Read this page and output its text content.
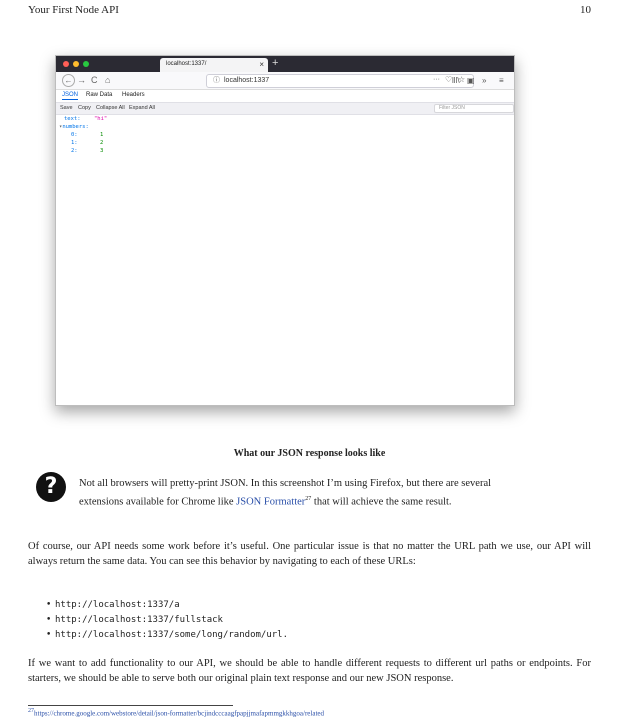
Your First Node API	10
localhost:1337/	× +
← → C ⌂	ⓘ localhost:1337	··· ♡ ☆
lll\ ▣ » ≡
JSON Raw Data Headers
Save Copy Collapse All Expand All	Filter JSON
text: "hi"
▾numbers:
0:	1
1:	2
2:	3
What our JSON response looks like
?	Not all browsers will pretty-print JSON. In this screenshot I’m using Firefox, but there are several extensions available for Chrome like JSON Formatter$^{27}$ that will achieve the same result.
Of course, our API needs some work before it’s useful. One particular issue is that no matter the URL path we use, our API will always return the same data. You can see this behavior by navigating to each of these URLs:
• http://localhost:1337/a
• http://localhost:1337/fullstack
• http://localhost:1337/some/long/random/url.
If we want to add functionality to our API, we should be able to handle different requests to different url paths or endpoints. For starters, we should be able to serve both our original plain text response and our new JSON response.
$^{27}$https://chrome.google.com/webstore/detail/json-formatter/bcjindcccaagfpapjjmafapmmgkkhgoa/related
